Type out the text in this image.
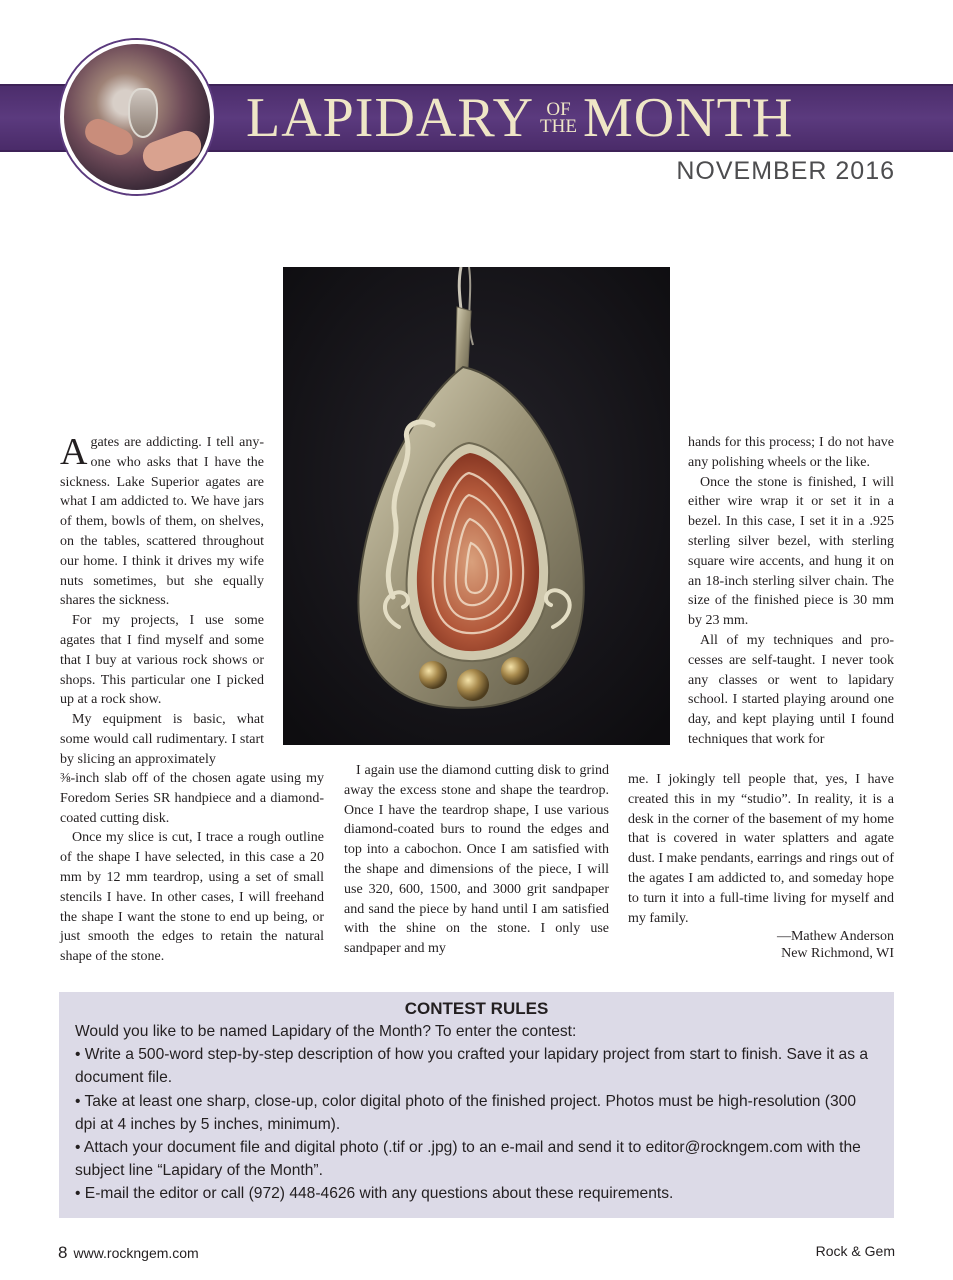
LAPIDARY OF
THE MONTH
NOVEMBER 2016

Agates are addicting. I tell any-one who asks that I have the sickness. Lake Superior agates are what I am addicted to. We have jars of them, bowls of them, on shelves, on the tables, scattered throughout our home. I think it drives my wife nuts sometimes, but she equally shares the sickness.

For my projects, I use some agates that I find myself and some that I buy at various rock shows or shops. This particular one I picked up at a rock show.

My equipment is basic, what some would call rudimentary. I start by slicing an approximately

⅜-inch slab off of the chosen agate using my Foredom Series SR handpiece and a diamond-coated cutting disk.

Once my slice is cut, I trace a rough outline of the shape I have selected, in this case a 20 mm by 12 mm teardrop, using a set of small stencils I have. In other cases, I will freehand the shape I want the stone to end up being, or just smooth the edges to retain the natural shape of the stone.

I again use the diamond cutting disk to grind away the excess stone and shape the teardrop. Once I have the teardrop shape, I use various diamond-coated burs to round the edges and top into a cabochon. Once I am satisfied with the shape and dimensions of the piece, I will use 320, 600, 1500, and 3000 grit sandpaper and sand the piece by hand until I am satisfied with the shine on the stone. I only use sandpaper and my

hands for this process; I do not have any polishing wheels or the like.

Once the stone is finished, I will either wire wrap it or set it in a bezel. In this case, I set it in a .925 sterling silver bezel, with sterling square wire accents, and hung it on an 18-inch sterling silver chain. The size of the finished piece is 30 mm by 23 mm.

All of my techniques and pro-cesses are self-taught. I never took any classes or went to lapidary school. I started playing around one day, and kept playing until I found techniques that work for

me. I jokingly tell people that, yes, I have created this in my “studio”. In reality, it is a desk in the corner of the basement of my home that is covered in water splatters and agate dust. I make pendants, earrings and rings out of the agates I am addicted to, and someday hope to turn it into a full-time living for myself and my family.

—Mathew Anderson

New Richmond, WI

CONTEST RULES

Would you like to be named Lapidary of the Month? To enter the contest:

• Write a 500-word step-by-step description of how you crafted your lapidary project from start to finish. Save it as a document file.

• Take at least one sharp, close-up, color digital photo of the finished project. Photos must be high-resolution (300 dpi at 4 inches by 5 inches, minimum).

• Attach your document file and digital photo (.tif or .jpg) to an e-mail and send it to editor@rockngem.com with the subject line “Lapidary of the Month”.

• E-mail the editor or call (972) 448-4626 with any questions about these requirements.

8 www.rockngem.com	Rock & Gem
